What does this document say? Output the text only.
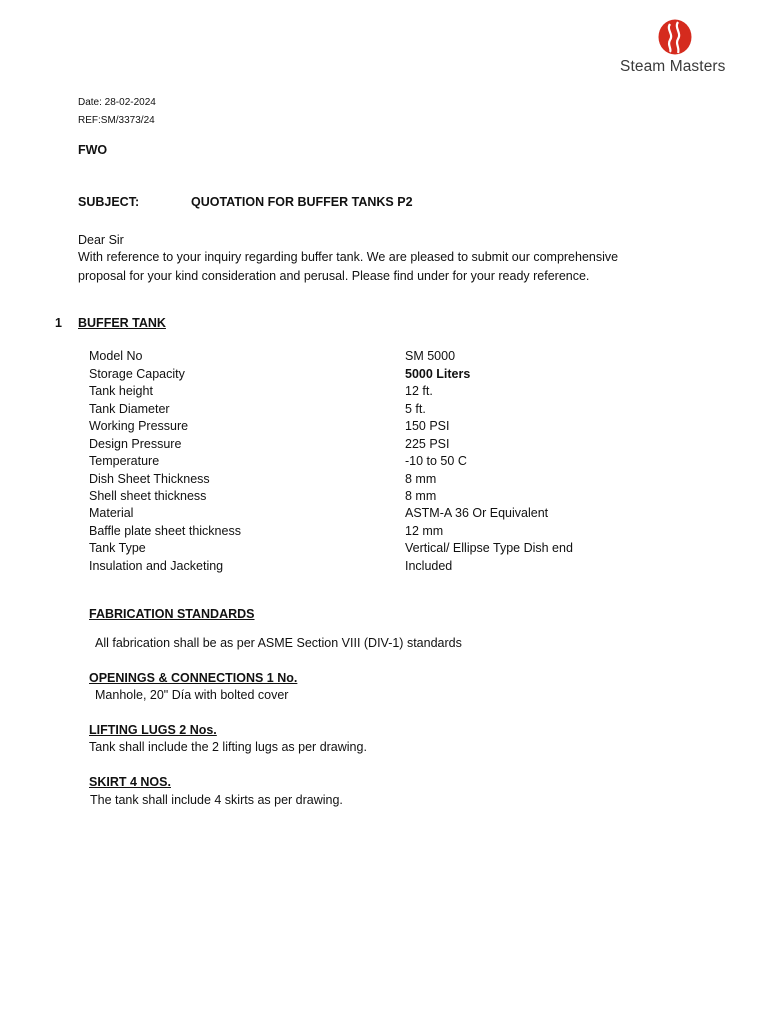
Steam Masters
Date: 28-02-2024
REF:SM/3373/24
FWO
SUBJECT:	QUOTATION FOR BUFFER TANKS P2
Dear Sir
With reference to your inquiry regarding buffer tank. We are pleased to submit our comprehensive
proposal for your kind consideration and perusal. Please find under for your ready reference.
1 BUFFER TANK
Model No	SM 5000
Storage Capacity	5000 Liters
Tank height	12 ft.
Tank Diameter	5 ft.
Working Pressure	150 PSI
Design Pressure	225 PSI
Temperature	-10 to 50 C
Dish Sheet Thickness	8 mm
Shell sheet thickness	8 mm
Material	ASTM-A 36 Or Equivalent
Baffle plate sheet thickness	12 mm
Tank Type	Vertical/ Ellipse Type Dish end
Insulation and Jacketing	Included
FABRICATION STANDARDS
All fabrication shall be as per ASME Section VIII (DIV-1) standards
OPENINGS & CONNECTIONS 1 No.
Manhole, 20" Día with bolted cover
LIFTING LUGS 2 Nos.
Tank shall include the 2 lifting lugs as per drawing.
SKIRT 4 NOS.
The tank shall include 4 skirts as per drawing.
